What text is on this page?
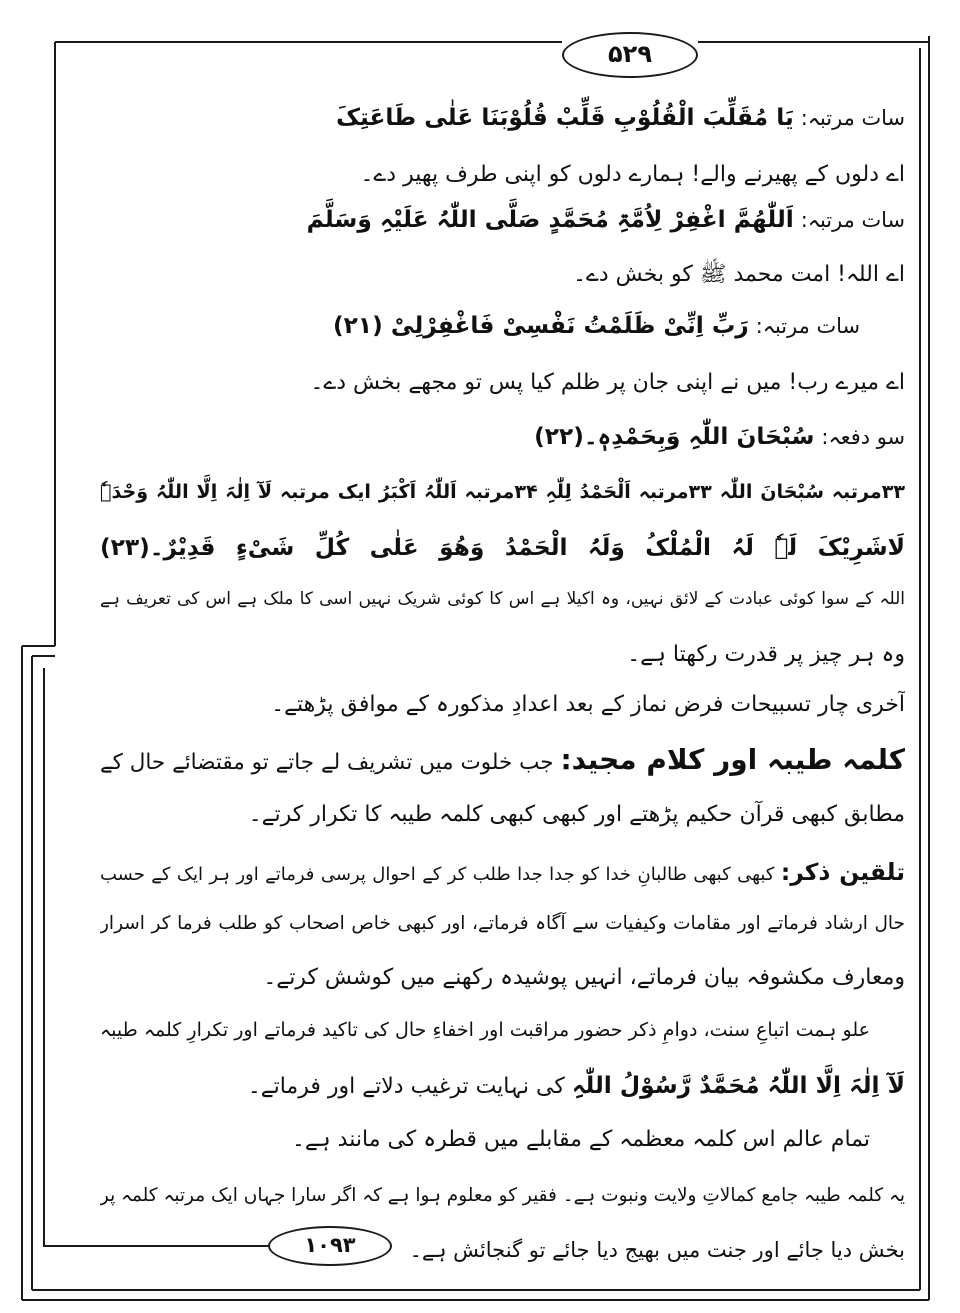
۵۲۹
سات مرتبہ: یَا مُقَلِّبَ الْقُلُوْبِ قَلِّبْ قُلُوْبَنَا عَلٰی طَاعَتِکَ
اے دلوں کے پھیرنے والے! ہمارے دلوں کو اپنی طرف پھیر دے۔
سات مرتبہ: اَللّٰھُمَّ اغْفِرْ لِاُمَّۃِ مُحَمَّدٍ صَلَّی اللّٰہُ عَلَیْہِ وَسَلَّمَ
اے اللہ! امت محمد ﷺ کو بخش دے۔
سات مرتبہ: رَبِّ اِنِّیْ ظَلَمْتُ نَفْسِیْ فَاغْفِرْلِیْ (۲۱)
اے میرے رب! میں نے اپنی جان پر ظلم کیا پس تو مجھے بخش دے۔
سو دفعہ: سُبْحَانَ اللّٰہِ وَبِحَمْدِہٖ۔(۲۲)
۳۳مرتبہ سُبْحَانَ اللّٰہ ۳۳مرتبہ اَلْحَمْدُ لِلّٰہِ ۳۴مرتبہ اَللّٰہُ اَکْبَرُ ایک مرتبہ لَآ اِلٰہَ اِلَّا اللّٰہُ وَحْدَہٗ
لَاشَرِیْکَ لَہٗ لَہُ الْمُلْکُ وَلَہُ الْحَمْدُ وَھُوَ عَلٰی کُلِّ شَیْءٍ قَدِیْرٌ۔(۲۳)
اللہ کے سوا کوئی عبادت کے لائق نہیں، وہ اکیلا ہے اس کا کوئی شریک نہیں اسی کا ملک ہے اس کی تعریف ہے
وہ ہر چیز پر قدرت رکھتا ہے۔
آخری چار تسبیحات فرض نماز کے بعد اعدادِ مذکورہ کے موافق پڑھتے۔
کلمہ طیبہ اور کلام مجید: جب خلوت میں تشریف لے جاتے تو مقتضائے حال کے
مطابق کبھی قرآن حکیم پڑھتے اور کبھی کبھی کلمہ طیبہ کا تکرار کرتے۔
تلقین ذکر: کبھی کبھی طالبانِ خدا کو جدا جدا طلب کر کے احوال پرسی فرماتے اور ہر ایک کے حسب
حال ارشاد فرماتے اور مقامات وکیفیات سے آگاہ فرماتے، اور کبھی خاص اصحاب کو طلب فرما کر اسرار
ومعارف مکشوفہ بیان فرماتے، انہیں پوشیدہ رکھنے میں کوشش کرتے۔
علو ہمت اتباعِ سنت، دوامِ ذکر حضور مراقبت اور اخفاءِ حال کی تاکید فرماتے اور تکرارِ کلمہ طیبہ
لَآ اِلٰہَ اِلَّا اللّٰہُ مُحَمَّدٌ رَّسُوْلُ اللّٰہِ کی نہایت ترغیب دلاتے اور فرماتے۔
تمام عالم اس کلمہ معظمہ کے مقابلے میں قطرہ کی مانند ہے۔
یہ کلمہ طیبہ جامع کمالاتِ ولایت ونبوت ہے۔ فقیر کو معلوم ہوا ہے کہ اگر سارا جہاں ایک مرتبہ کلمہ پر
بخش دیا جائے اور جنت میں بھیج دیا جائے تو گنجائش ہے۔
۱۰۹۳
